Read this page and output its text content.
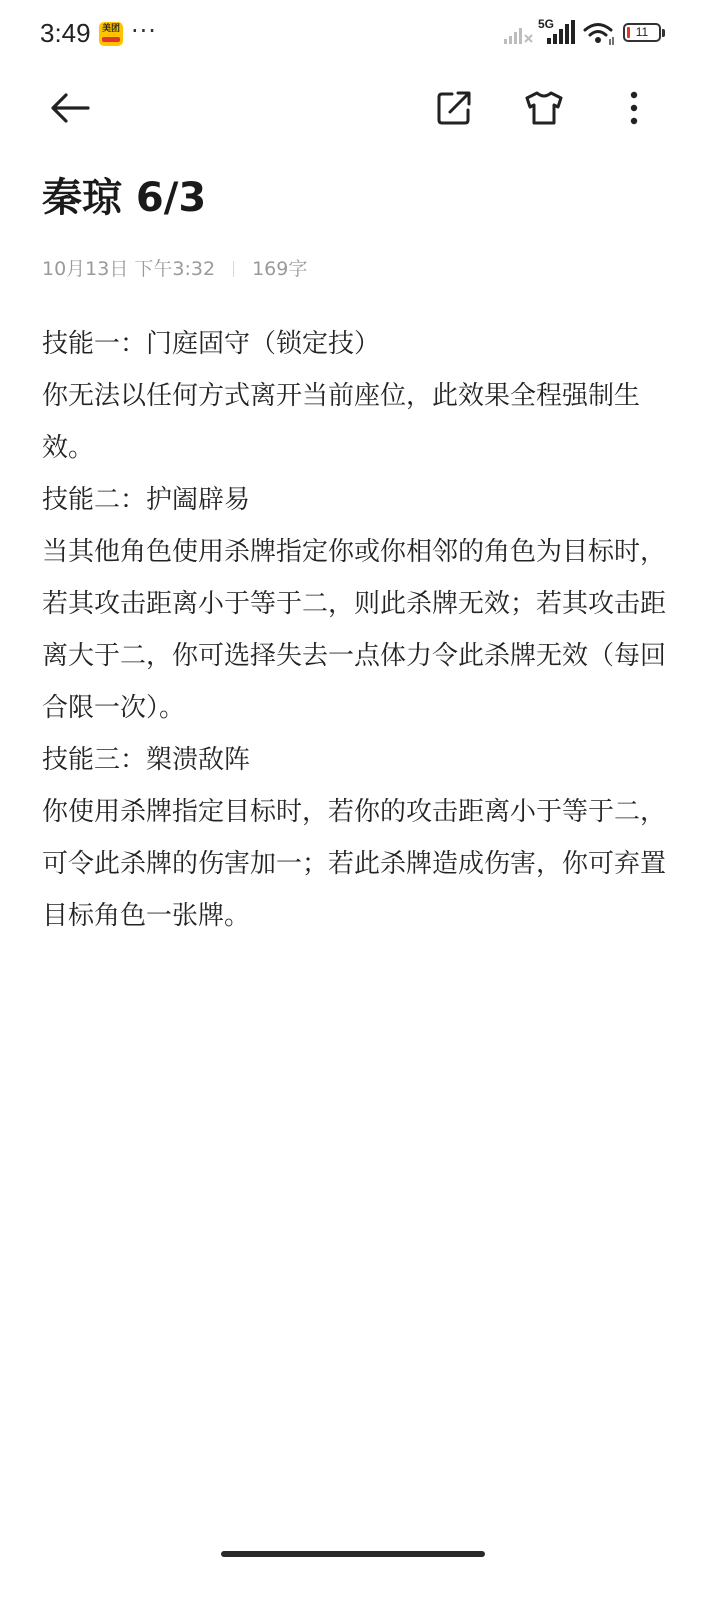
3:49	美团 ···	5G
11
秦琼 6/3
10月13日 下午3:32 169字

技能一：门庭固守（锁定技）

你无法以任何方式离开当前座位，此效果全程强制生效。

技能二：护阖辟易

当其他角色使用杀牌指定你或你相邻的角色为目标时，若其攻击距离小于等于二，则此杀牌无效；若其攻击距离大于二，你可选择失去一点体力令此杀牌无效（每回合限一次）。

技能三：槊溃敌阵

你使用杀牌指定目标时，若你的攻击距离小于等于二，可令此杀牌的伤害加一；若此杀牌造成伤害，你可弃置目标角色一张牌。
